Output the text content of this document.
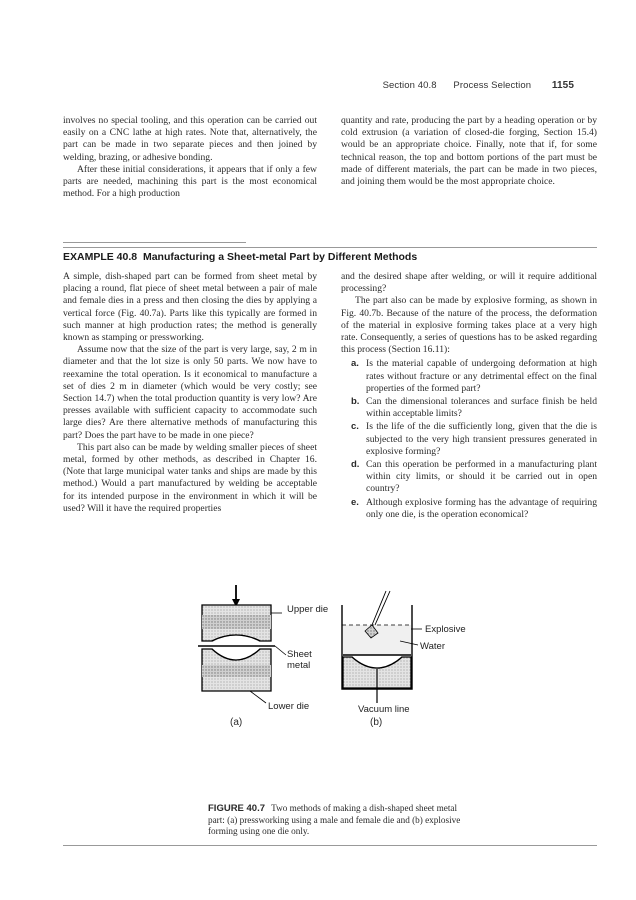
Section 40.8 Process Selection 1155

involves no special tooling, and this operation can be carried out easily on a CNC lathe at high rates. Note that, alternatively, the part can be made in two separate pieces and then joined by welding, brazing, or adhesive bonding.

After these initial considerations, it appears that if only a few parts are needed, machining this part is the most economical method. For a high production

quantity and rate, producing the part by a heading operation or by cold extrusion (a variation of closed-die forging, Section 15.4) would be an appropriate choice. Finally, note that if, for some technical reason, the top and bottom portions of the part must be made of different materials, the part can be made in two pieces, and joining them would be the most appropriate choice.

EXAMPLE 40.8 Manufacturing a Sheet-metal Part by Different Methods

A simple, dish-shaped part can be formed from sheet metal by placing a round, flat piece of sheet metal between a pair of male and female dies in a press and then closing the dies by applying a vertical force (Fig. 40.7a). Parts like this typically are formed in such manner at high production rates; the method is generally known as stamping or pressworking.

Assume now that the size of the part is very large, say, 2 m in diameter and that the lot size is only 50 parts. We now have to reexamine the total operation. Is it economical to manufacture a set of dies 2 m in diameter (which would be very costly; see Section 14.7) when the total production quantity is very low? Are presses available with sufficient capacity to accommodate such large dies? Are there alternative methods of manufacturing this part? Does the part have to be made in one piece?

This part also can be made by welding smaller pieces of sheet metal, formed by other methods, as described in Chapter 16. (Note that large municipal water tanks and ships are made by this method.) Would a part manufactured by welding be acceptable for its intended purpose in the environment in which it will be used? Will it have the required properties

and the desired shape after welding, or will it require additional processing?

The part also can be made by explosive forming, as shown in Fig. 40.7b. Because of the nature of the process, the deformation of the material in explosive forming takes place at a very high rate. Consequently, a series of questions has to be asked regarding this process (Section 16.11):

a. Is the material capable of undergoing deformation at high rates without fracture or any detrimental effect on the final properties of the formed part?
b. Can the dimensional tolerances and surface finish be held within acceptable limits?
c. Is the life of the die sufficiently long, given that the die is subjected to the very high transient pressures generated in explosive forming?
d. Can this operation be performed in a manufacturing plant within city limits, or should it be carried out in open country?
e. Although explosive forming has the advantage of requiring only one die, is the operation economical?
Upper die
Sheet metal
Lower die
Explosive
Water
Vacuum line
(a)	(b)
FIGURE 40.7 Two methods of making a dish-shaped sheet metal part: (a) pressworking using a male and female die and (b) explosive forming using one die only.
